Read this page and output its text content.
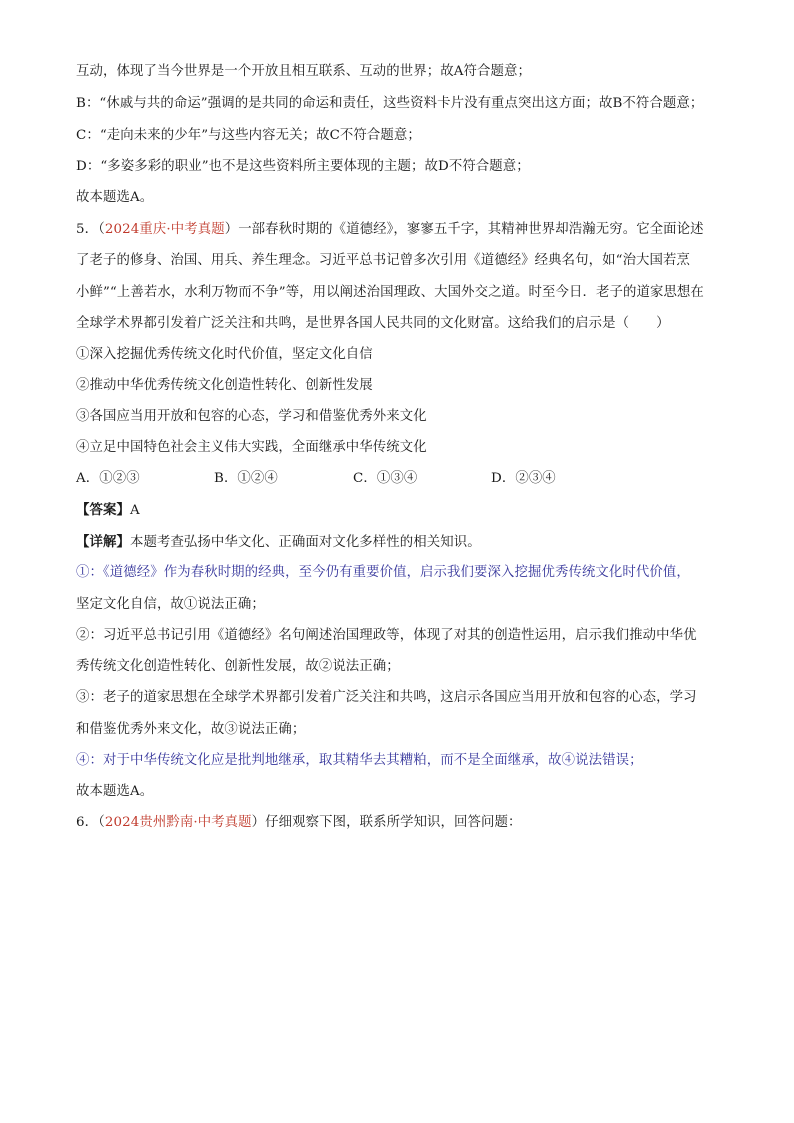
互动，体现了当今世界是一个开放且相互联系、互动的世界；故A符合题意；
B：“休戚与共的命运”强调的是共同的命运和责任，这些资料卡片没有重点突出这方面；故B不符合题意；
C：“走向未来的少年”与这些内容无关；故C不符合题意；
D：“多姿多彩的职业”也不是这些资料所主要体现的主题；故D不符合题意；
故本题选A。
5．（2024重庆·中考真题）一部春秋时期的《道德经》，寥寥五千字，其精神世界却浩瀚无穷。它全面论述
了老子的修身、治国、用兵、养生理念。习近平总书记曾多次引用《道德经》经典名句，如“治大国若烹
小鲜”“上善若水，水利万物而不争”等，用以阐述治国理政、大国外交之道。时至今日．老子的道家思想在
全球学术界都引发着广泛关注和共鸣，是世界各国人民共同的文化财富。这给我们的启示是（　　）
①深入挖掘优秀传统文化时代价值，坚定文化自信
②推动中华优秀传统文化创造性转化、创新性发展
③各国应当用开放和包容的心态，学习和借鉴优秀外来文化
④立足中国特色社会主义伟大实践，全面继承中华传统文化
A．①②③	B．①②④	C．①③④	D．②③④
【答案】A
【详解】本题考查弘扬中华文化、正确面对文化多样性的相关知识。
①：《道德经》作为春秋时期的经典，至今仍有重要价值，启示我们要深入挖掘优秀传统文化时代价值，
坚定文化自信，故①说法正确；
②：习近平总书记引用《道德经》名句阐述治国理政等，体现了对其的创造性运用，启示我们推动中华优
秀传统文化创造性转化、创新性发展，故②说法正确；
③：老子的道家思想在全球学术界都引发着广泛关注和共鸣，这启示各国应当用开放和包容的心态，学习
和借鉴优秀外来文化，故③说法正确；
④：对于中华传统文化应是批判地继承，取其精华去其糟粕，而不是全面继承，故④说法错误；
故本题选A。
6．（2024贵州黔南·中考真题）仔细观察下图，联系所学知识，回答问题：
